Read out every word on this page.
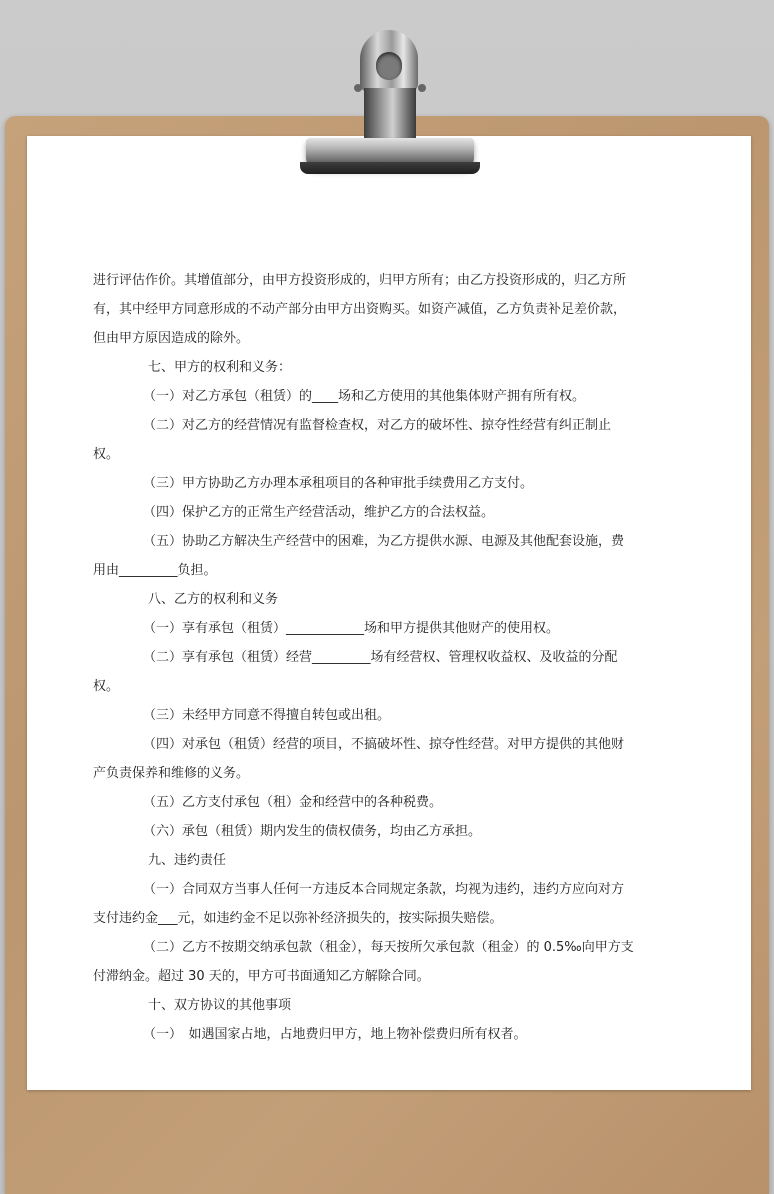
进行评估作价。其增值部分，由甲方投资形成的，归甲方所有；由乙方投资形成的，归乙方所有，其中经甲方同意形成的不动产部分由甲方出资购买。如资产减值，乙方负责补足差价款，但由甲方原因造成的除外。

七、甲方的权利和义务：

（一）对乙方承包（租赁）的____场和乙方使用的其他集体财产拥有所有权。

（二）对乙方的经营情况有监督检查权，对乙方的破坏性、掠夺性经营有纠正制止权。

（三）甲方协助乙方办理本承租项目的各种审批手续费用乙方支付。

（四）保护乙方的正常生产经营活动，维护乙方的合法权益。

（五）协助乙方解决生产经营中的困难，为乙方提供水源、电源及其他配套设施，费用由_________负担。

八、乙方的权利和义务

（一）享有承包（租赁）____________场和甲方提供其他财产的使用权。

（二）享有承包（租赁）经营_________场有经营权、管理权收益权、及收益的分配权。

（三）未经甲方同意不得擅自转包或出租。

（四）对承包（租赁）经营的项目，不搞破坏性、掠夺性经营。对甲方提供的其他财产负责保养和维修的义务。

（五）乙方支付承包（租）金和经营中的各种税费。

（六）承包（租赁）期内发生的债权债务，均由乙方承担。

九、违约责任

（一）合同双方当事人任何一方违反本合同规定条款，均视为违约，违约方应向对方支付违约金___元，如违约金不足以弥补经济损失的，按实际损失赔偿。

（二）乙方不按期交纳承包款（租金），每天按所欠承包款（租金）的 0.5‰向甲方支付滞纳金。超过 30 天的，甲方可书面通知乙方解除合同。

十、双方协议的其他事项

（一）　如遇国家占地，占地费归甲方，地上物补偿费归所有权者。
